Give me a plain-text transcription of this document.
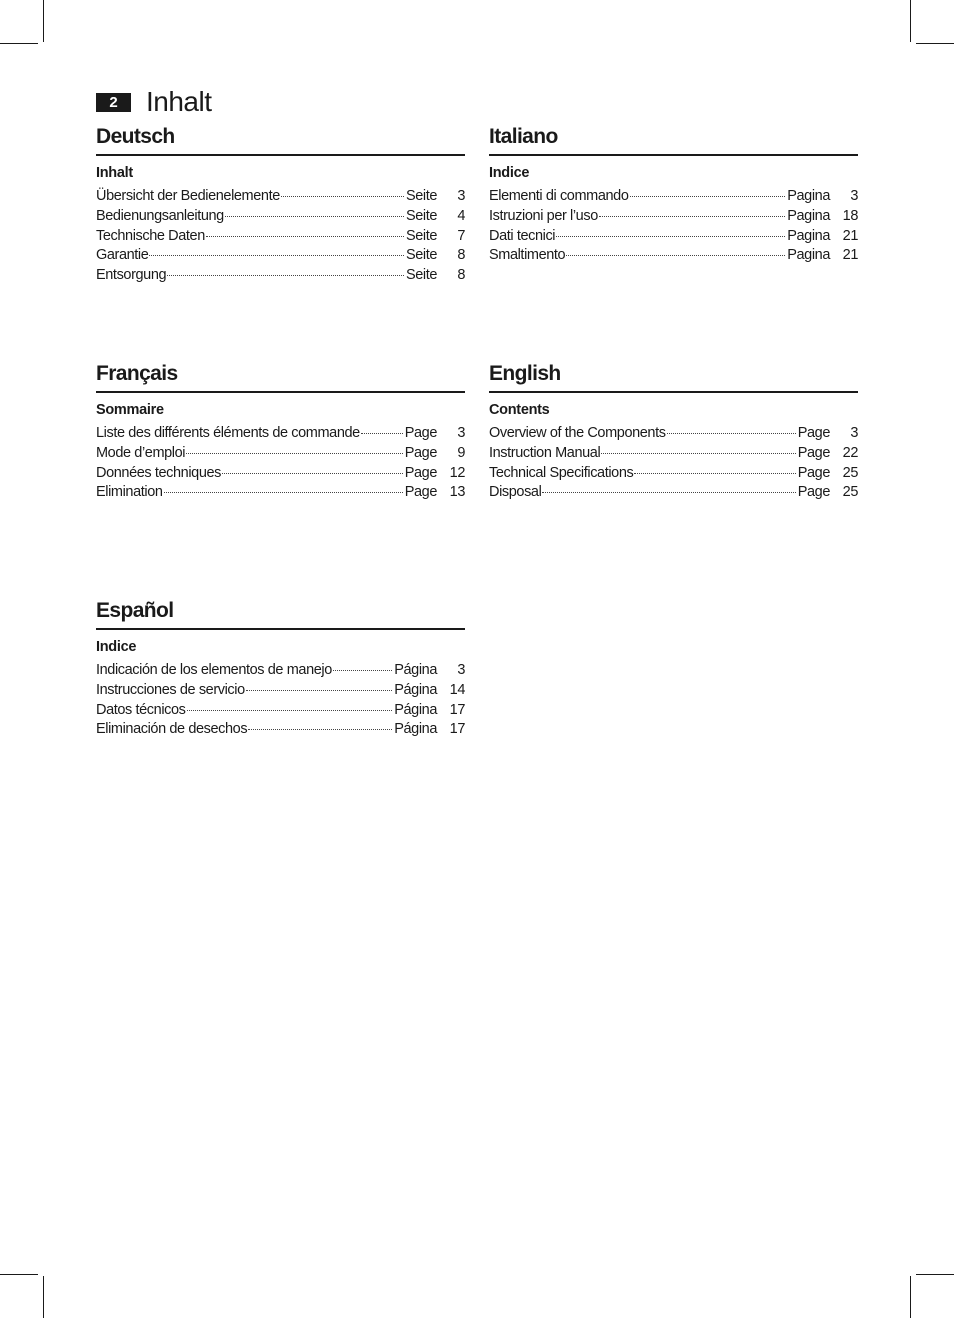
2	Inhalt
Deutsch
Inhalt
Übersicht der Bedienelemente	Seite	3
Bedienungsanleitung	Seite	4
Technische Daten	Seite	7
Garantie	Seite	8
Entsorgung	Seite	8
Italiano
Indice
Elementi di commando	Pagina	3
Istruzioni per l’uso	Pagina 18
Dati tecnici	Pagina 21
Smaltimento	Pagina 21
Français
Sommaire
Liste des différents éléments de commande	Page	3
Mode d’emploi	Page	9
Données techniques	Page 12
Elimination	Page 13
English
Contents
Overview of the Components	Page	3
Instruction Manual	Page 22
Technical Specifications	Page 25
Disposal	Page 25
Español
Indice
Indicación de los elementos de manejo	Página	3
Instrucciones de servicio	Página 14
Datos técnicos	Página 17
Eliminación de desechos	Página 17
